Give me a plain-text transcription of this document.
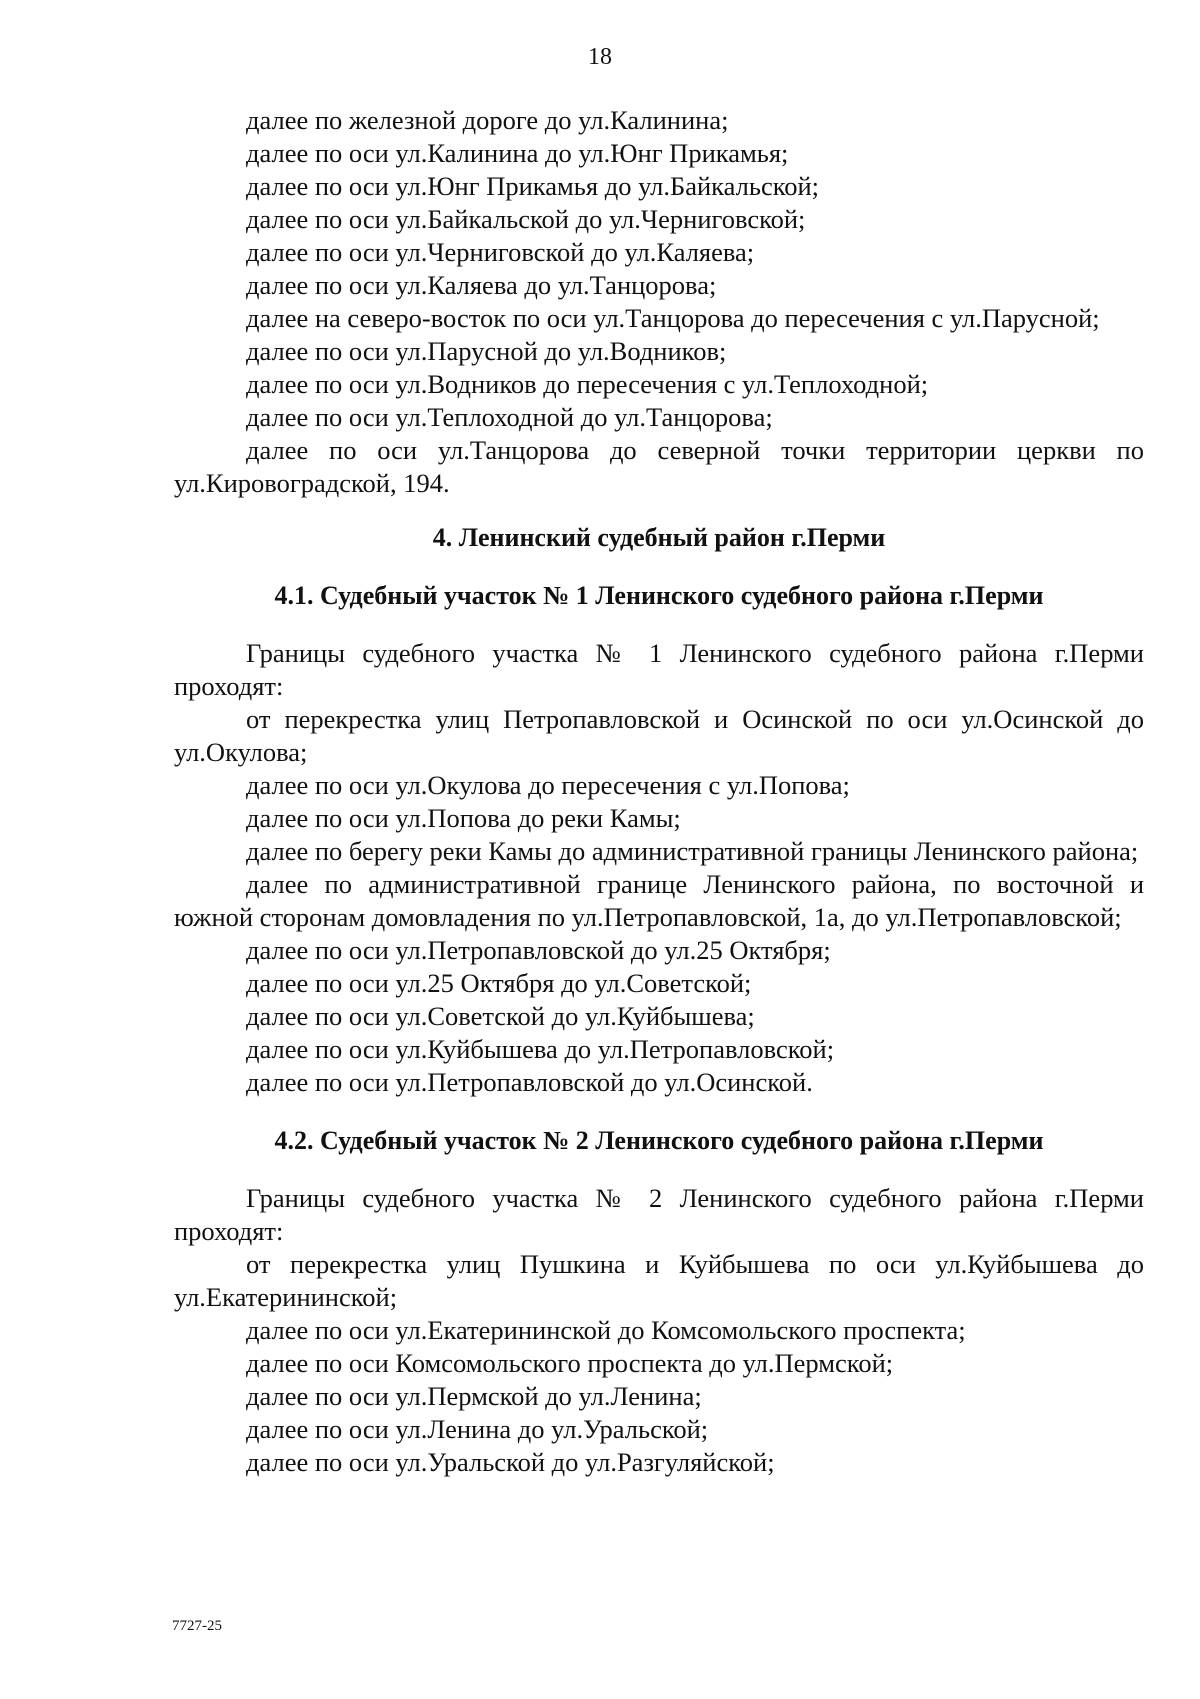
18

далее по железной дороге до ул.Калинина;

далее по оси ул.Калинина до ул.Юнг Прикамья;

далее по оси ул.Юнг Прикамья до ул.Байкальской;

далее по оси ул.Байкальской до ул.Черниговской;

далее по оси ул.Черниговской до ул.Каляева;

далее по оси ул.Каляева до ул.Танцорова;

далее на северо-восток по оси ул.Танцорова до пересечения с ул.Парусной;

далее по оси ул.Парусной до ул.Водников;

далее по оси ул.Водников до пересечения с ул.Теплоходной;

далее по оси ул.Теплоходной до ул.Танцорова;

далее по оси ул.Танцорова до северной точки территории церкви по ул.Кировоградской, 194.

4. Ленинский судебный район г.Перми
4.1. Судебный участок № 1 Ленинского судебного района г.Перми

Границы судебного участка № 1 Ленинского судебного района г.Перми проходят:

от перекрестка улиц Петропавловской и Осинской по оси ул.Осинской до ул.Окулова;

далее по оси ул.Окулова до пересечения с ул.Попова;

далее по оси ул.Попова до реки Камы;

далее по берегу реки Камы до административной границы Ленинского района;

далее по административной границе Ленинского района, по восточной и южной сторонам домовладения по ул.Петропавловской, 1а, до ул.Петропавловской;

далее по оси ул.Петропавловской до ул.25 Октября;

далее по оси ул.25 Октября до ул.Советской;

далее по оси ул.Советской до ул.Куйбышева;

далее по оси ул.Куйбышева до ул.Петропавловской;

далее по оси ул.Петропавловской до ул.Осинской.

4.2. Судебный участок № 2 Ленинского судебного района г.Перми

Границы судебного участка № 2 Ленинского судебного района г.Перми проходят:

от перекрестка улиц Пушкина и Куйбышева по оси ул.Куйбышева до ул.Екатерининской;

далее по оси ул.Екатерининской до Комсомольского проспекта;

далее по оси Комсомольского проспекта до ул.Пермской;

далее по оси ул.Пермской до ул.Ленина;

далее по оси ул.Ленина до ул.Уральской;

далее по оси ул.Уральской до ул.Разгуляйской;

7727-25
